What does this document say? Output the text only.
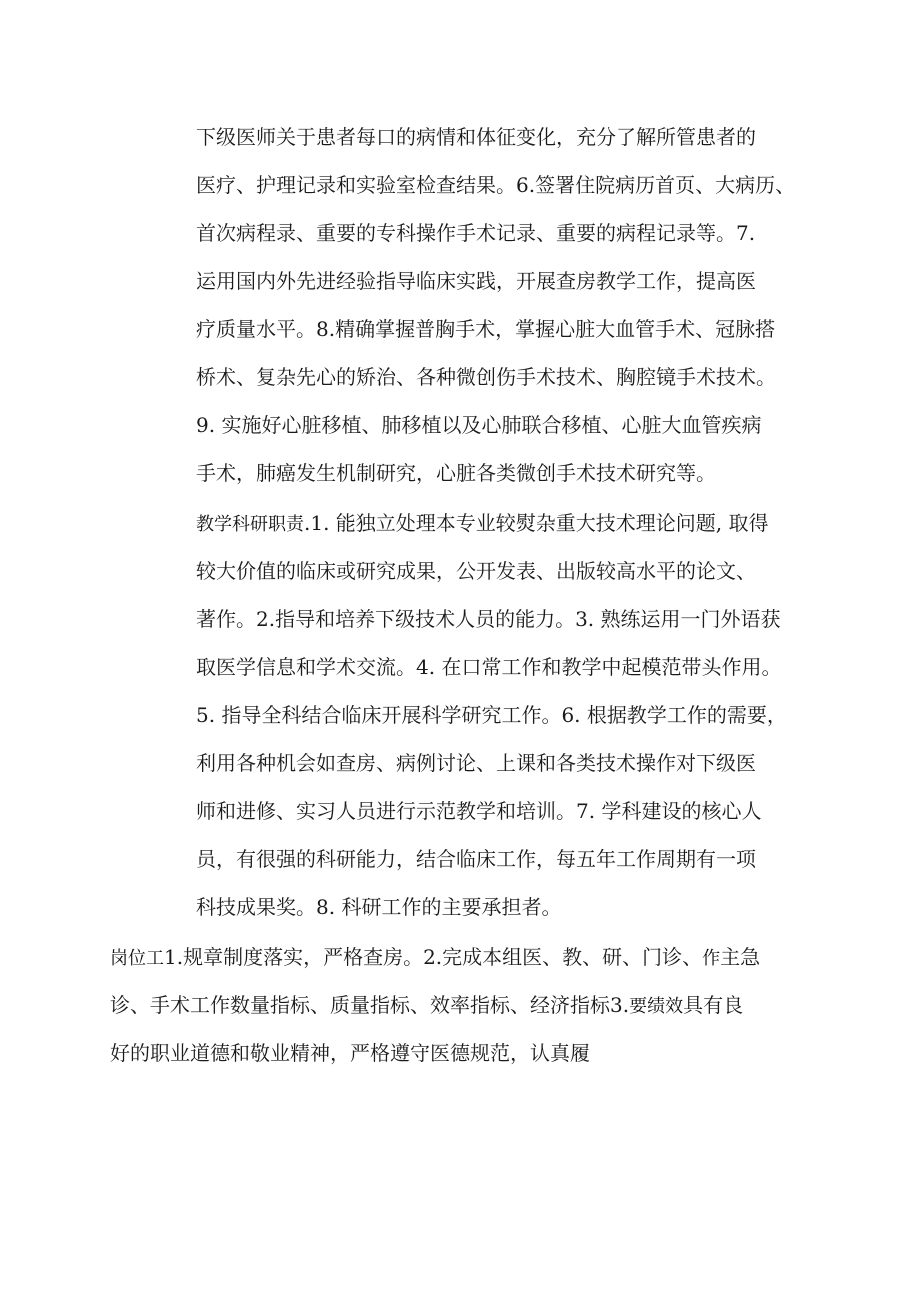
下级医师关于患者每口的病情和体征变化，充分了解所管患者的
医疗、护理记录和实验室检查结果。6.签署住院病历首页、大病历、
首次病程录、重要的专科操作手术记录、重要的病程记录等。7.
运用国内外先进经验指导临床实践，开展查房教学工作，提高医
疗质量水平。8.精确掌握普胸手术，掌握心脏大血管手术、冠脉搭
桥术、复杂先心的矫治、各种微创伤手术技术、胸腔镜手术技术。
9. 实施好心脏移植、肺移植以及心肺联合移植、心脏大血管疾病
手术，肺癌发生机制研究，心脏各类微创手术技术研究等。
教学科研职责.1. 能独立处理本专业较熨杂重大技术理论问题, 取得
较大价值的临床或研究成果，公开发表、出版较高水平的论文、
著作。2.指导和培养下级技术人员的能力。3. 熟练运用一门外语获
取医学信息和学术交流。4. 在口常工作和教学中起模范带头作用。
5. 指导全科结合临床开展科学研究工作。6. 根据教学工作的需要，
利用各种机会如查房、病例讨论、上课和各类技术操作对下级医
师和进修、实习人员进行示范教学和培训。7. 学科建设的核心人
员，有很强的科研能力，结合临床工作，每五年工作周期有一项
科技成果奖。8. 科研工作的主要承担者。
岗位工1.规章制度落实，严格查房。2.完成本组医、教、研、门诊、作主急
诊、手术工作数量指标、质量指标、效率指标、经济指标3.要绩效具有良
好的职业道德和敬业精神，严格遵守医德规范，认真履
